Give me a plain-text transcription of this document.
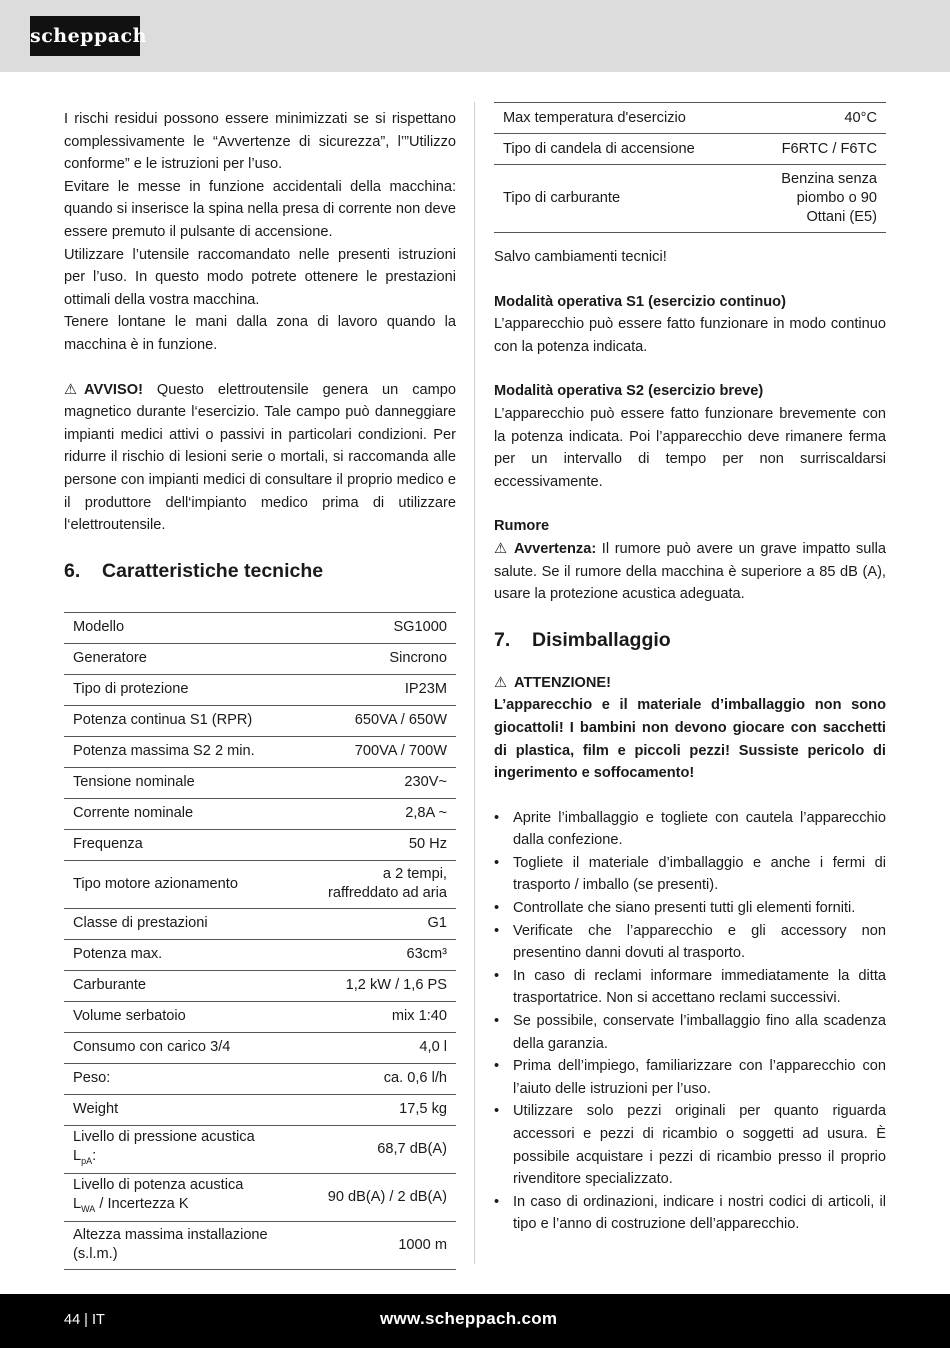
scheppach

I rischi residui possono essere minimizzati se si rispettano complessivamente le “Avvertenze di sicurezza”, l’”Utilizzo conforme” e le istruzioni per l’uso.

Evitare le messe in funzione accidentali della macchina: quando si inserisce la spina nella presa di corrente non deve essere premuto il pulsante di accensione.

Utilizzare l’utensile raccomandato nelle presenti istruzioni per l’uso. In questo modo potrete ottenere le prestazioni ottimali della vostra macchina.

Tenere lontane le mani dalla zona di lavoro quando la macchina è in funzione.

⚠ AVVISO! Questo elettroutensile genera un campo magnetico durante l‘esercizio. Tale campo può danneggiare impianti medici attivi o passivi in particolari condizioni. Per ridurre il rischio di lesioni serie o mortali, si raccomanda alle persone con impianti medici di consultare il proprio medico e il produttore dell‘impianto medico prima di utilizzare l‘elettroutensile.

6. Caratteristiche tecniche
Modello	SG1000
Generatore	Sincrono
Tipo di protezione	IP23M
Potenza continua S1 (RPR)	650VA / 650W
Potenza massima S2 2 min.	700VA / 700W
Tensione nominale	230V~
Corrente nominale	2,8A ~
Frequenza	50 Hz
Tipo motore azionamento	a 2 tempi, raffreddato ad aria
Classe di prestazioni	G1
Potenza max.	63cm³
Carburante	1,2 kW / 1,6 PS
Volume serbatoio	mix 1:40
Consumo con carico 3/4	4,0 l
Peso:	ca. 0,6 l/h
Weight	17,5 kg
Livello di pressione acustica
$L_{pA}$:	68,7 dB(A)
Livello di potenza acustica
$L_{WA}$ / Incertezza K	90 dB(A) / 2 dB(A)
Altezza massima installazione (s.l.m.)	1000 m
Max temperatura d'esercizio	40°C
Tipo di candela di accensione	F6RTC / F6TC
Tipo di carburante	Benzina senza piombo o 90 Ottani (E5)

Salvo cambiamenti tecnici!

Modalità operativa S1 (esercizio continuo)

L’apparecchio può essere fatto funzionare in modo continuo con la potenza indicata.

Modalità operativa S2 (esercizio breve)

L’apparecchio può essere fatto funzionare brevemente con la potenza indicata. Poi l’apparecchio deve rimanere ferma per un intervallo di tempo per non surriscaldarsi eccessivamente.

Rumore

⚠ Avvertenza: Il rumore può avere un grave impatto sulla salute. Se il rumore della macchina è superiore a 85 dB (A), usare la protezione acustica adeguata.

7. Disimballaggio

⚠ ATTENZIONE!

L’apparecchio e il materiale d’imballaggio non sono giocattoli! I bambini non devono giocare con sacchetti di plastica, film e piccoli pezzi! Sussiste pericolo di ingerimento e soffocamento!

• Aprite l’imballaggio e togliete con cautela l’apparecchio dalla confezione.
• Togliete il materiale d’imballaggio e anche i fermi di trasporto / imballo (se presenti).
• Controllate che siano presenti tutti gli elementi forniti.
• Verificate che l’apparecchio e gli accessory non presentino danni dovuti al trasporto.
• In caso di reclami informare immediatamente la ditta trasportatrice. Non si accettano reclami successivi.
• Se possibile, conservate l’imballaggio fino alla scadenza della garanzia.
• Prima dell’impiego, familiarizzare con l’apparecchio con l’aiuto delle istruzioni per l’uso.
• Utilizzare solo pezzi originali per quanto riguarda accessori e pezzi di ricambio o soggetti ad usura. È possibile acquistare i pezzi di ricambio presso il proprio rivenditore specializzato.
• In caso di ordinazioni, indicare i nostri codici di articoli, il tipo e l’anno di costruzione dell’apparecchio.
44 | IT	www.scheppach.com
